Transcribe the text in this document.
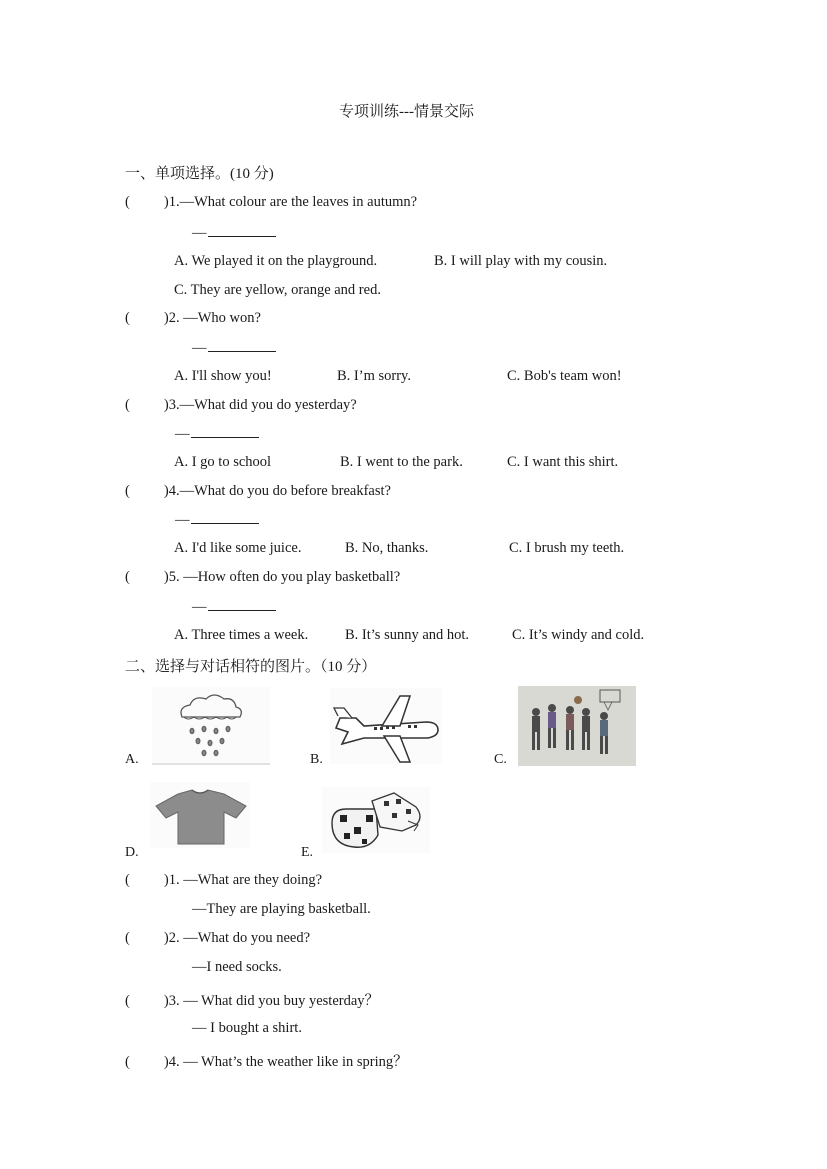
专项训练---情景交际
一、单项选择。(10 分)
( )1.—What colour are the leaves in autumn?
—
A. We played it on the playground.	B. I will play with my cousin.
C. They are yellow, orange and red.
( )2. —Who won?
—
A. I'll show you!	B. I’m sorry.	C. Bob's team won!
( )3.—What did you do yesterday?
—
A. I go to school	B. I went to the park.	C. I want this shirt.
( )4.—What do you do before breakfast?
—
A. I'd like some juice.	B. No, thanks.	C. I brush my teeth.
( )5. —How often do you play basketball?
—
A. Three times a week.	B. It’s sunny and hot.	C. It’s windy and cold.
二、选择与对话相符的图片。（10 分）
A.	B.	C.
D.	E.
( )1. —What are they doing?
—They are playing basketball.
( )2. —What do you need?
—I need socks.
( )3. — What did you buy yesterday？
— I bought a shirt.
( )4. — What’s the weather like in spring？
